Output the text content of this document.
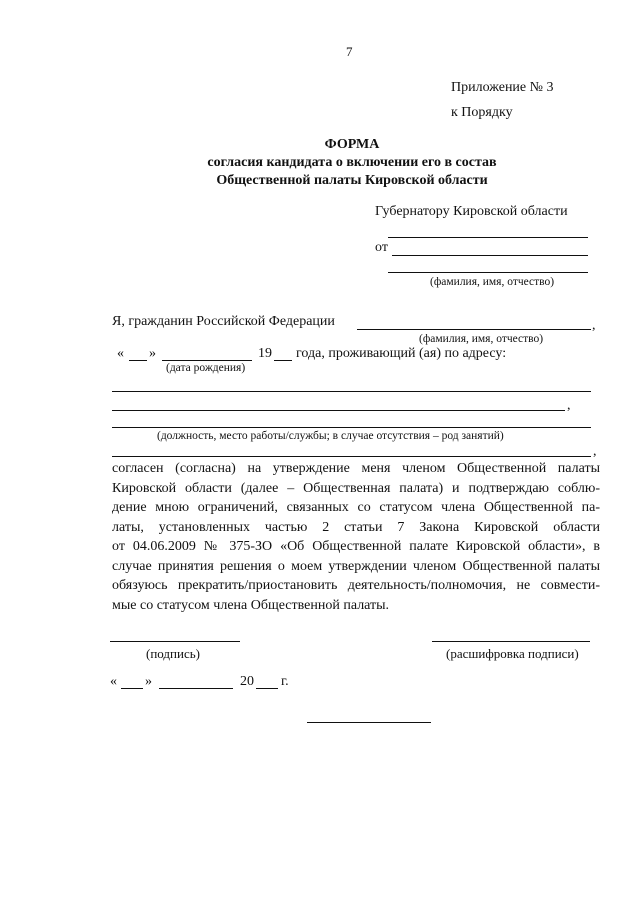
7
Приложение № 3
к Порядку
ФОРМА
согласия кандидата о включении его в состав
Общественной палаты Кировской области
Губернатору Кировской области
от
(фамилия, имя, отчество)
Я, гражданин Российской Федерации	,
(фамилия, имя, отчество)
« »	19 года, проживающий (ая) по адресу:
(дата рождения)
,
(должность, место работы/службы; в случае отсутствия – род занятий)
,
согласен (согласна) на утверждение меня членом Общественной палаты
Кировской области (далее – Общественная палата) и подтверждаю соблю-
дение мною ограничений, связанных со статусом члена Общественной па-
латы, установленных частью 2 статьи 7 Закона Кировской области
от 04.06.2009 № 375-ЗО «Об Общественной палате Кировской области», в
случае принятия решения о моем утверждении членом Общественной палаты
обязуюсь прекратить/приостановить деятельность/полномочия, не совмести-
мые со статусом члена Общественной палаты.
(подпись)	(расшифровка подписи)
« »	20 г.
